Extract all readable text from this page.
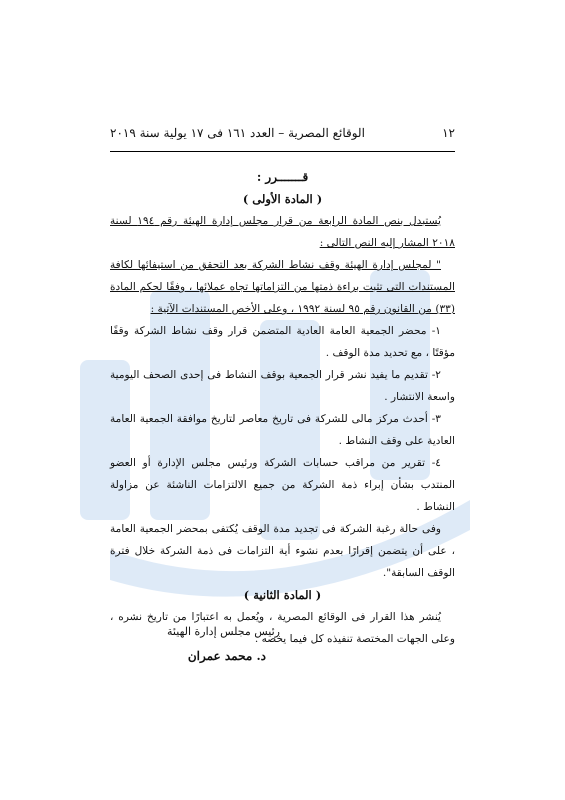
١٢
الوقائع المصرية – العدد ١٦١ فى ١٧ يولية سنة ٢٠١٩

قـــــــرر :

( المادة الأولى )

يُستبدل بنص المادة الرابعة من قرار مجلس إدارة الهيئة رقم ١٩٤ لسنة ٢٠١٨ المشار إليه النص التالى :

" لمجلس إدارة الهيئة وقف نشاط الشركة بعد التحقق من استيفائها لكافة المستندات التى تثبت براءة ذمتها من التزاماتها تجاه عملائها ، وفقًا لحكم المادة (٣٣) من القانون رقم ٩٥ لسنة ١٩٩٢ ، وعلى الأخص المستندات الآتية :

١- محضر الجمعية العامة العادية المتضمن قرار وقف نشاط الشركة وقفًا مؤقتًا ، مع تحديد مدة الوقف .

٢- تقديم ما يفيد نشر قرار الجمعية بوقف النشاط فى إحدى الصحف اليومية واسعة الانتشار .

٣- أحدث مركز مالى للشركة فى تاريخ معاصر لتاريخ موافقة الجمعية العامة العادية على وقف النشاط .

٤- تقرير من مراقب حسابات الشركة ورئيس مجلس الإدارة أو العضو المنتدب بشأن إبراء ذمة الشركة من جميع الالتزامات الناشئة عن مزاولة النشاط .

وفى حالة رغبة الشركة فى تجديد مدة الوقف يُكتفى بمحضر الجمعية العامة ، على أن يتضمن إقرارًا بعدم نشوء أية التزامات فى ذمة الشركة خلال فترة الوقف السابقة".

( المادة الثانية )

يُنشر هذا القرار فى الوقائع المصرية ، ويُعمل به اعتبارًا من تاريخ نشره ، وعلى الجهات المختصة تنفيذه كل فيما يخصه .

رئيس مجلس إدارة الهيئة
د. محمد عمران
